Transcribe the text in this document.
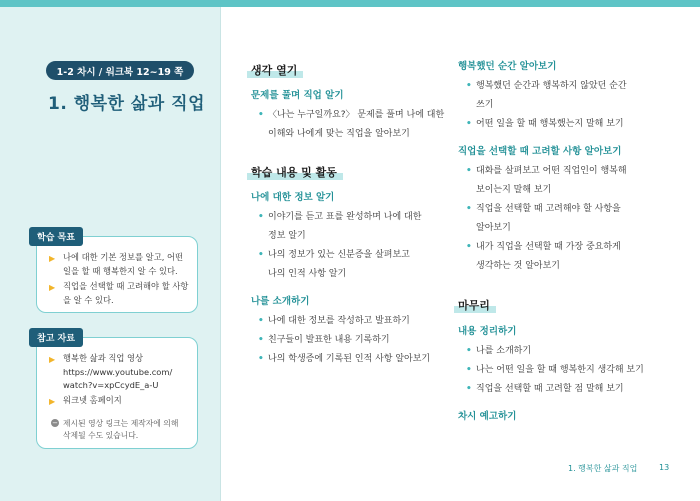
1-2 차시 / 워크북 12~19 쪽
1. 행복한 삶과 직업
학습 목표
▶ 나에 대한 기본 정보를 알고, 어떤 일을 할 때 행복한지 알 수 있다.
▶ 직업을 선택할 때 고려해야 할 사항을 알 수 있다.
참고 자료
▶ 행복한 삶과 직업 영상
https://www.youtube.com/
watch?v=xpCcydE_a-U
▶ 워크넷 홈페이지
− 제시된 영상 링크는 제작자에 의해
삭제될 수도 있습니다.
생각 열기
문제를 풀며 직업 알기
• 〈나는 누구일까요?〉 문제를 풀며 나에 대한
이해와 나에게 맞는 직업을 알아보기
학습 내용 및 활동
나에 대한 정보 알기
• 이야기를 듣고 표를 완성하며 나에 대한
정보 알기
• 나의 정보가 있는 신분증을 살펴보고
나의 인적 사항 알기
나를 소개하기
• 나에 대한 정보를 작성하고 발표하기
• 친구들이 발표한 내용 기록하기
• 나의 학생증에 기록된 인적 사항 알아보기
행복했던 순간 알아보기
• 행복했던 순간과 행복하지 않았던 순간
쓰기
• 어떤 일을 할 때 행복했는지 말해 보기
직업을 선택할 때 고려할 사항 알아보기
• 대화를 살펴보고 어떤 직업인이 행복해
보이는지 말해 보기
• 직업을 선택할 때 고려해야 할 사항을
알아보기
• 내가 직업을 선택할 때 가장 중요하게
생각하는 것 알아보기
마무리
내용 정리하기
• 나를 소개하기
• 나는 어떤 일을 할 때 행복한지 생각해 보기
• 직업을 선택할 때 고려할 점 말해 보기
차시 예고하기
1. 행복한 삶과 직업	13
